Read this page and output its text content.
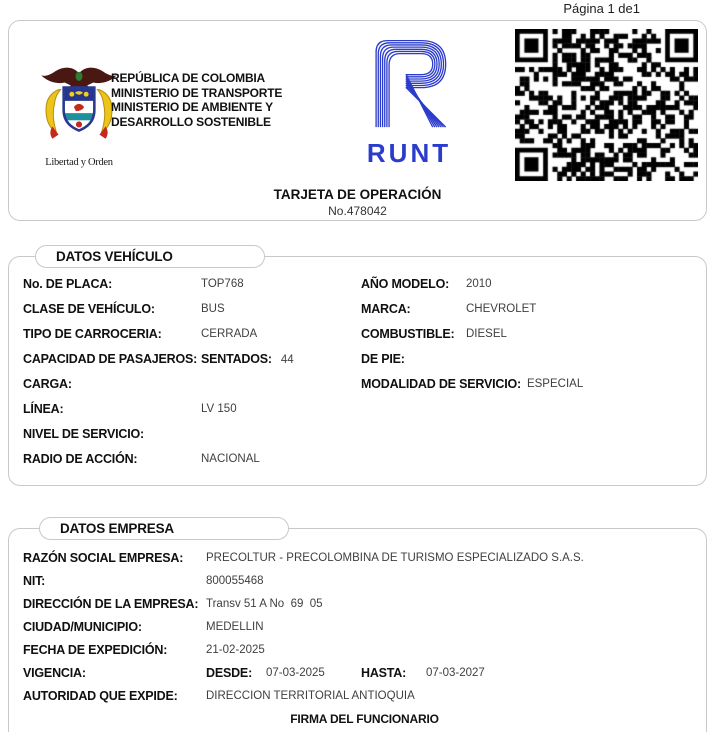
Página 1 de1
Libertad y Orden
REPÚBLICA DE COLOMBIA
MINISTERIO DE TRANSPORTE
MINISTERIO DE AMBIENTE Y
DESARROLLO SOSTENIBLE
RUNT
TARJETA DE OPERACIÓN
No.478042
DATOS VEHÍCULO
No. DE PLACA:	TOP768	AÑO MODELO:	2010
CLASE DE VEHÍCULO:	BUS	MARCA:	CHEVROLET
TIPO DE CARROCERIA:	CERRADA	COMBUSTIBLE:	DIESEL
CAPACIDAD DE PASAJEROS: SENTADOS: 44	DE PIE:
CARGA:	MODALIDAD DE SERVICIO: ESPECIAL
LÍNEA:	LV 150
NIVEL DE SERVICIO:
RADIO DE ACCIÓN:	NACIONAL
DATOS EMPRESA
RAZÓN SOCIAL EMPRESA:	PRECOLTUR - PRECOLOMBINA DE TURISMO ESPECIALIZADO S.A.S.
NIT:	800055468
DIRECCIÓN DE LA EMPRESA: Transv 51 A No  69  05
CIUDAD/MUNICIPIO:	MEDELLIN
FECHA DE EXPEDICIÓN:	21-02-2025
VIGENCIA:	DESDE:	07-03-2025	HASTA:	07-03-2027
AUTORIDAD QUE EXPIDE:	DIRECCION TERRITORIAL ANTIOQUIA
FIRMA DEL FUNCIONARIO
